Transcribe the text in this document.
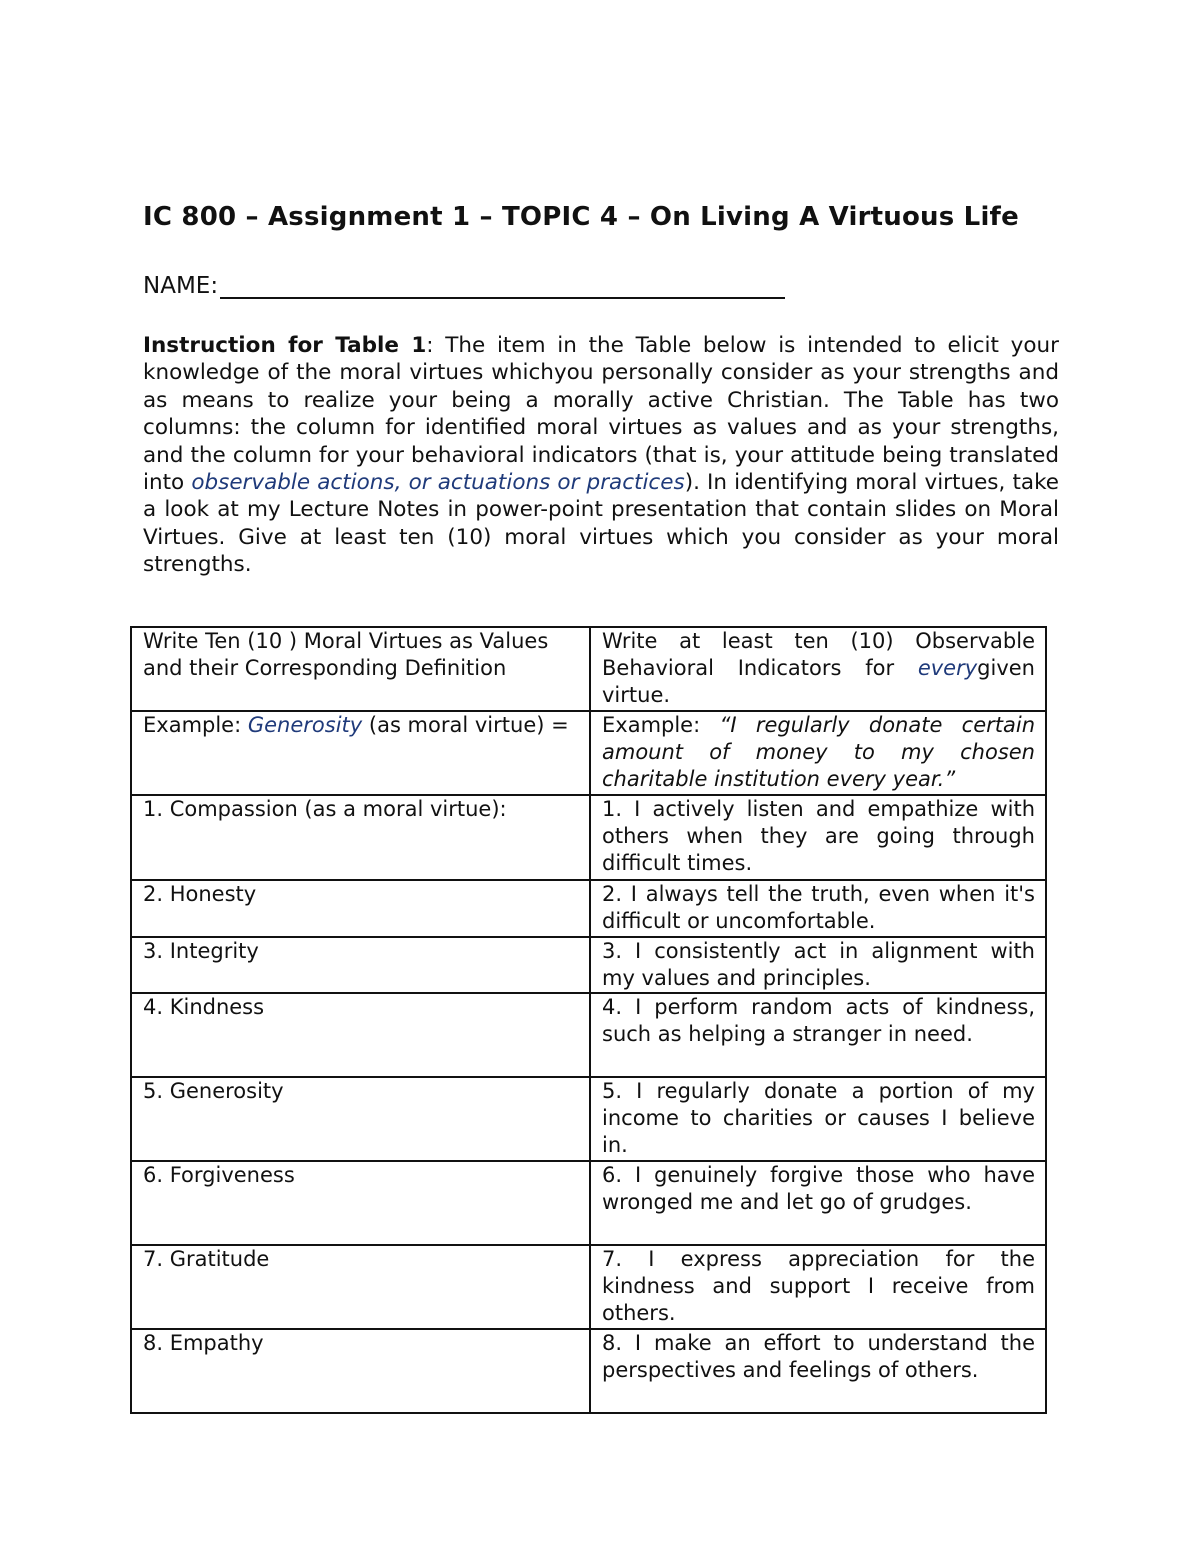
IC 800 – Assignment 1 – TOPIC 4 – On Living A Virtuous Life
NAME:
Instruction for Table 1: The item in the Table below is intended to elicit your knowledge of the moral virtues whichyou personally consider as your strengths and as means to realize your being a morally active Christian. The Table has two columns: the column for identified moral virtues as values and as your strengths, and the column for your behavioral indicators (that is, your attitude being translated into observable actions, or actuations or practices). In identifying moral virtues, take a look at my Lecture Notes in power-point presentation that contain slides on Moral Virtues. Give at least ten (10) moral virtues which you consider as your moral strengths.
Write Ten (10 ) Moral Virtues as Values and their Corresponding Definition	Write at least ten (10) Observable Behavioral Indicators for everygiven virtue.
Example: Generosity (as moral virtue) =	Example: “I regularly donate certain amount of money to my chosen charitable institution every year.”
1. Compassion (as a moral virtue):	1. I actively listen and empathize with others when they are going through difficult times.
2. Honesty	2. I always tell the truth, even when it's difficult or uncomfortable.
3. Integrity	3. I consistently act in alignment with my values and principles.
4. Kindness	4. I perform random acts of kindness, such as helping a stranger in need.
5. Generosity	5. I regularly donate a portion of my income to charities or causes I believe in.
6. Forgiveness	6. I genuinely forgive those who have wronged me and let go of grudges.
7. Gratitude	7. I express appreciation for the kindness and support I receive from others.
8. Empathy	8. I make an effort to understand the perspectives and feelings of others.
